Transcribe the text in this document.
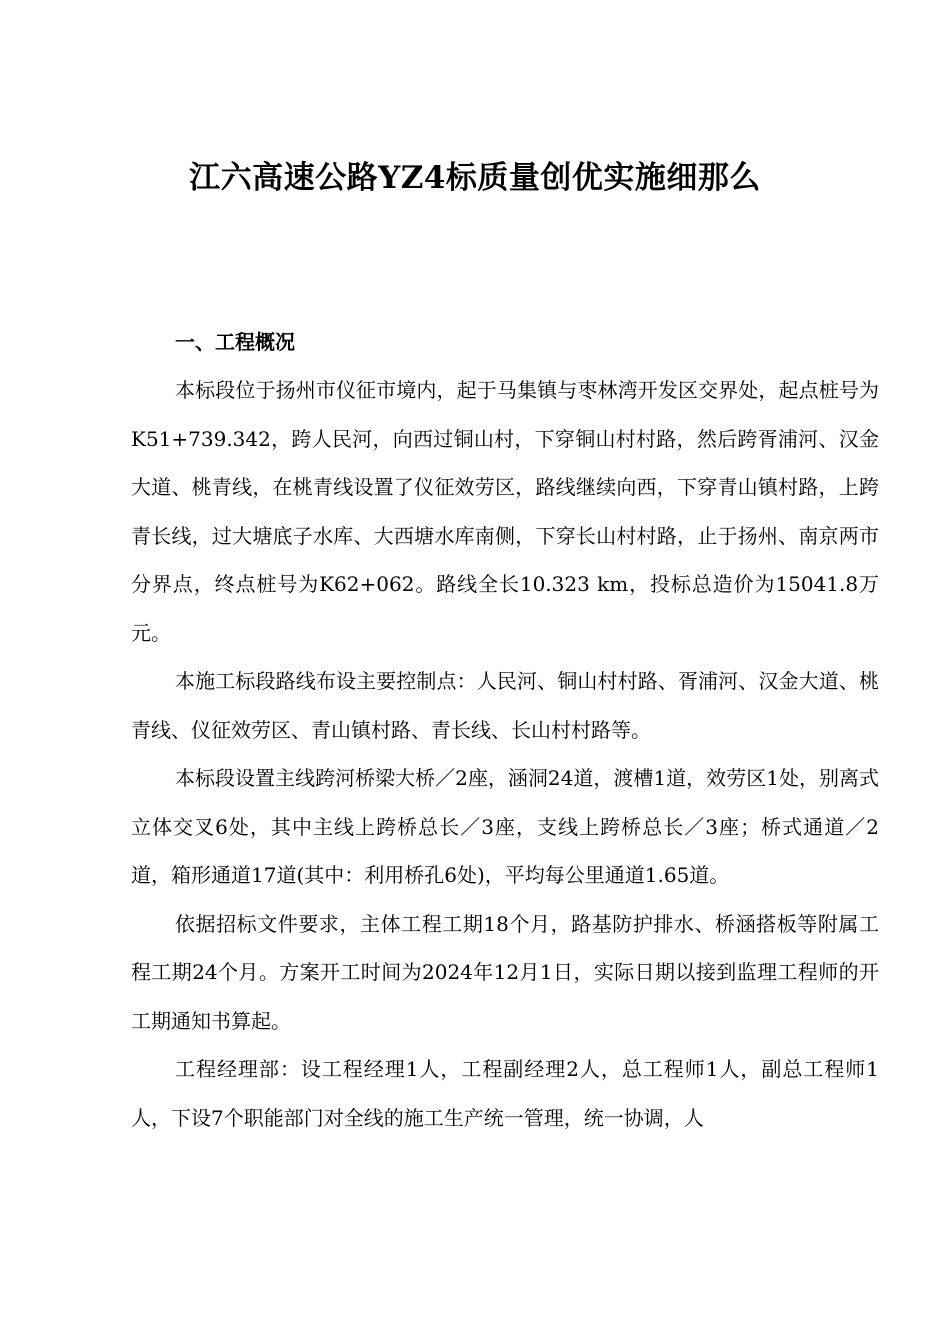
江六高速公路YZ4标质量创优实施细那么

一、工程概况

本标段位于扬州市仪征市境内，起于马集镇与枣林湾开发区交界处，起点桩号为K51+739.342，跨人民河，向西过铜山村，下穿铜山村村路，然后跨胥浦河、汉金大道、桃青线，在桃青线设置了仪征效劳区，路线继续向西，下穿青山镇村路，上跨青长线，过大塘底子水库、大西塘水库南侧，下穿长山村村路，止于扬州、南京两市分界点，终点桩号为K62+062。路线全长10.323 km，投标总造价为15041.8万元。

本施工标段路线布设主要控制点：人民河、铜山村村路、胥浦河、汉金大道、桃青线、仪征效劳区、青山镇村路、青长线、长山村村路等。

本标段设置主线跨河桥梁大桥／2座，涵洞24道，渡槽1道，效劳区1处，别离式立体交叉6处，其中主线上跨桥总长／3座，支线上跨桥总长／3座；桥式通道／2道，箱形通道17道(其中：利用桥孔6处)，平均每公里通道1.65道。

依据招标文件要求，主体工程工期18个月，路基防护排水、桥涵搭板等附属工程工期24个月。方案开工时间为2024年12月1日，实际日期以接到监理工程师的开工期通知书算起。

工程经理部：设工程经理1人，工程副经理2人，总工程师1人，副总工程师1人，下设7个职能部门对全线的施工生产统一管理，统一协调，人
